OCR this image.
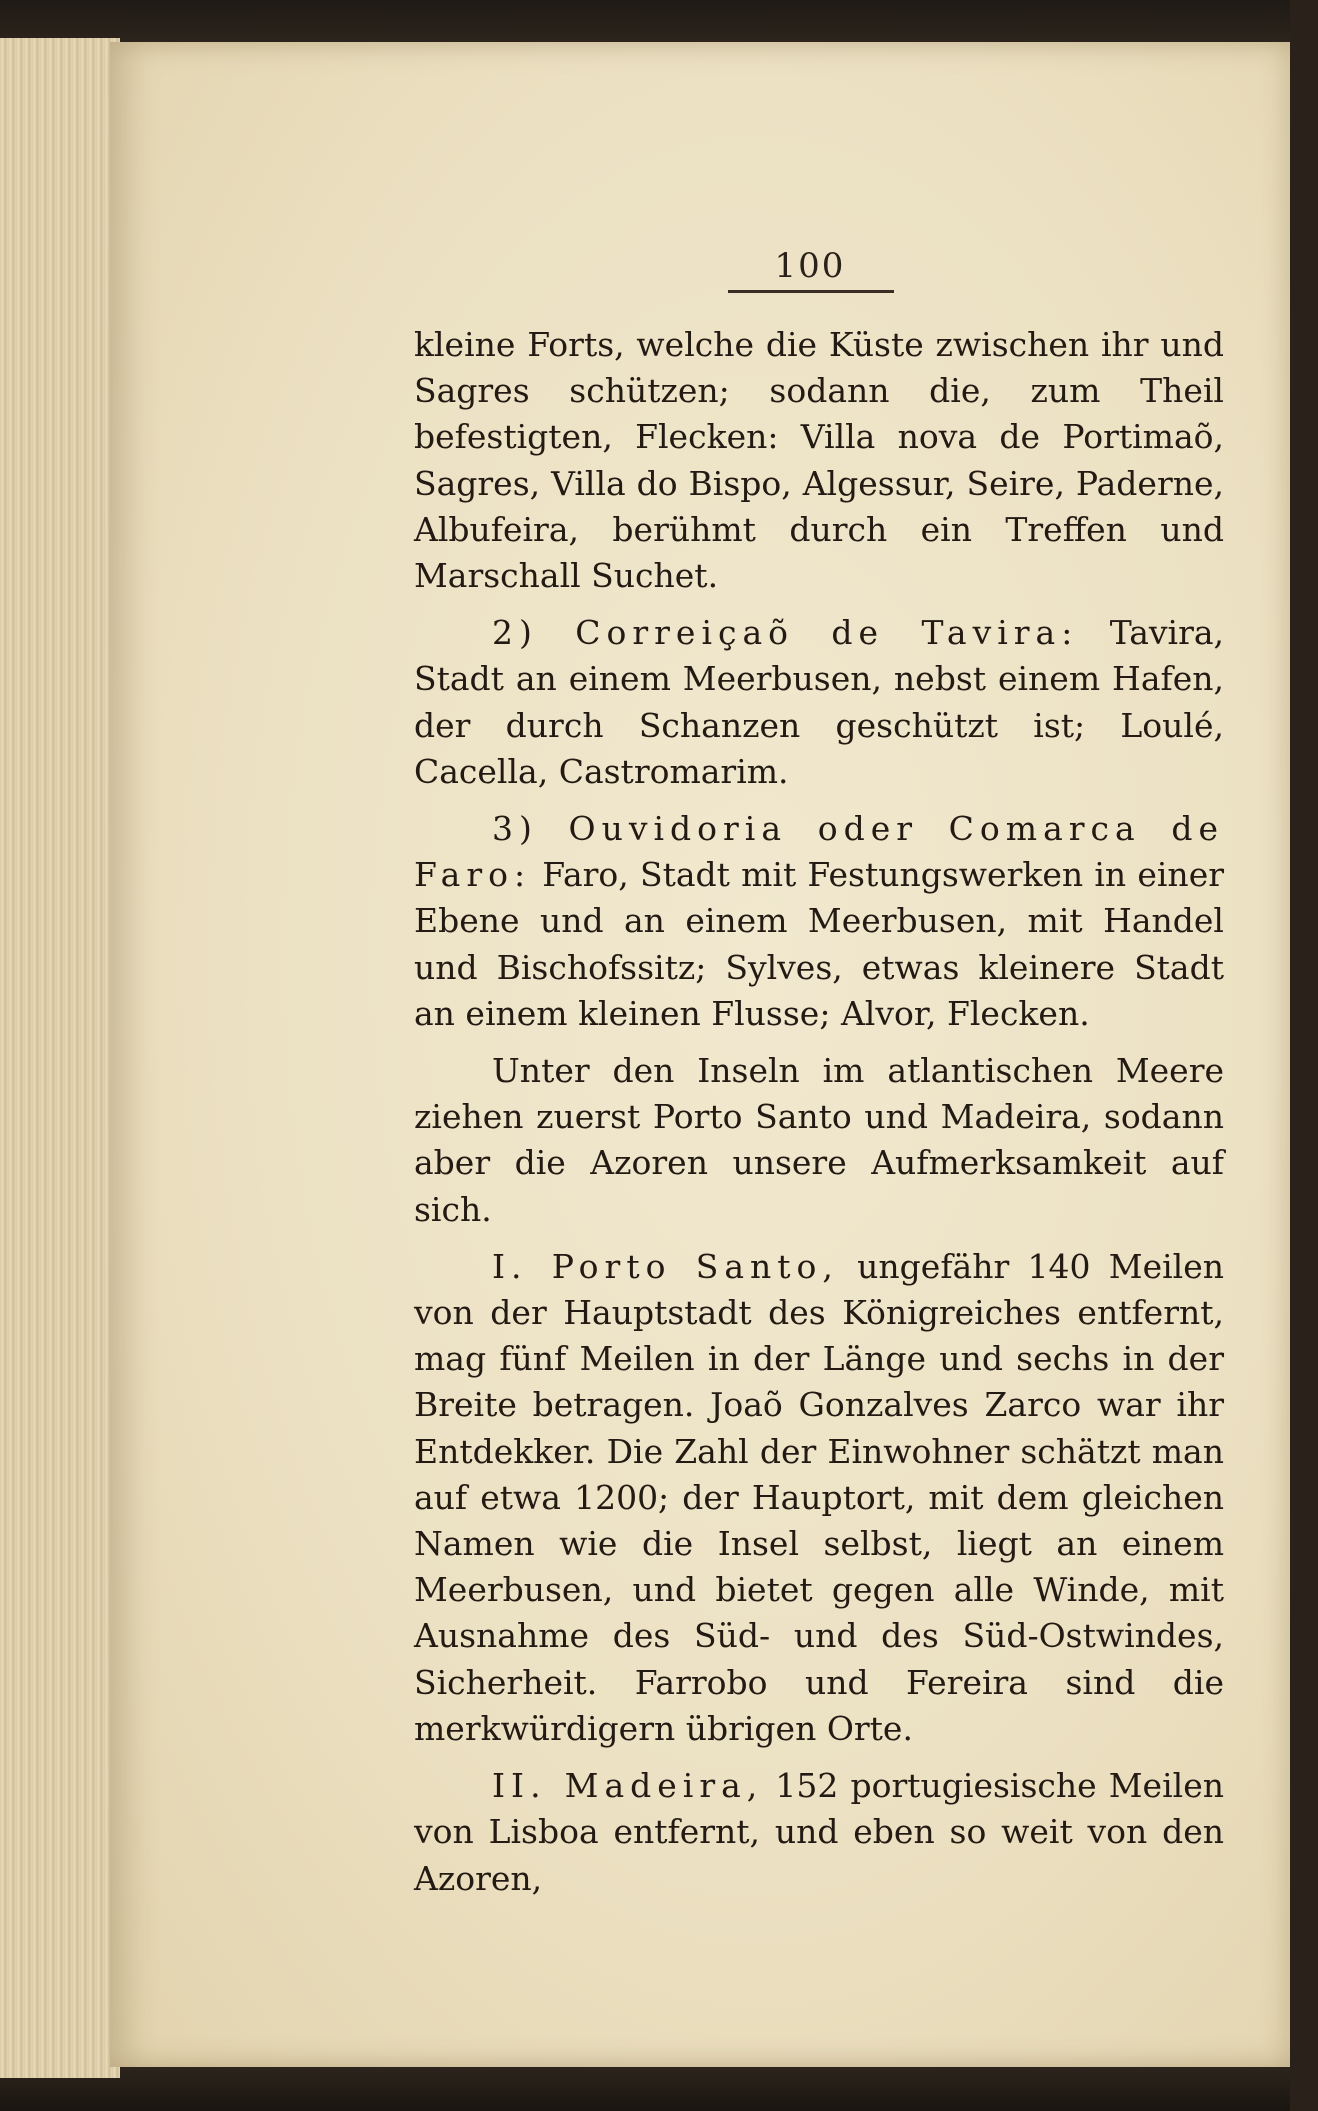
100

kleine Forts, welche die Küste zwischen ihr und Sagres schützen; sodann die, zum Theil befestigten, Flecken: Villa nova de Portimaõ, Sagres, Villa do Bispo, Algessur, Seire, Paderne, Albufeira, berühmt durch ein Treffen und Marschall Suchet.

2) Correiçaõ de Tavira: Tavira, Stadt an einem Meerbusen, nebst einem Hafen, der durch Schanzen geschützt ist; Loulé, Cacella, Castromarim.

3) Ouvidoria oder Comarca de Faro: Faro, Stadt mit Festungswerken in einer Ebene und an einem Meerbusen, mit Handel und Bischofssitz; Sylves, etwas kleinere Stadt an einem kleinen Flusse; Alvor, Flecken.

Unter den Inseln im atlantischen Meere ziehen zuerst Porto Santo und Madeira, sodann aber die Azoren unsere Aufmerksamkeit auf sich.

I. Porto Santo, ungefähr 140 Meilen von der Hauptstadt des Königreiches entfernt, mag fünf Meilen in der Länge und sechs in der Breite betragen. Joaõ Gonzalves Zarco war ihr Entdekker. Die Zahl der Einwohner schätzt man auf etwa 1200; der Hauptort, mit dem gleichen Namen wie die Insel selbst, liegt an einem Meerbusen, und bietet gegen alle Winde, mit Ausnahme des Süd- und des Süd-Ostwindes, Sicherheit. Farrobo und Fereira sind die merkwürdigern übrigen Orte.

II. Madeira, 152 portugiesische Meilen von Lisboa entfernt, und eben so weit von den Azoren,
